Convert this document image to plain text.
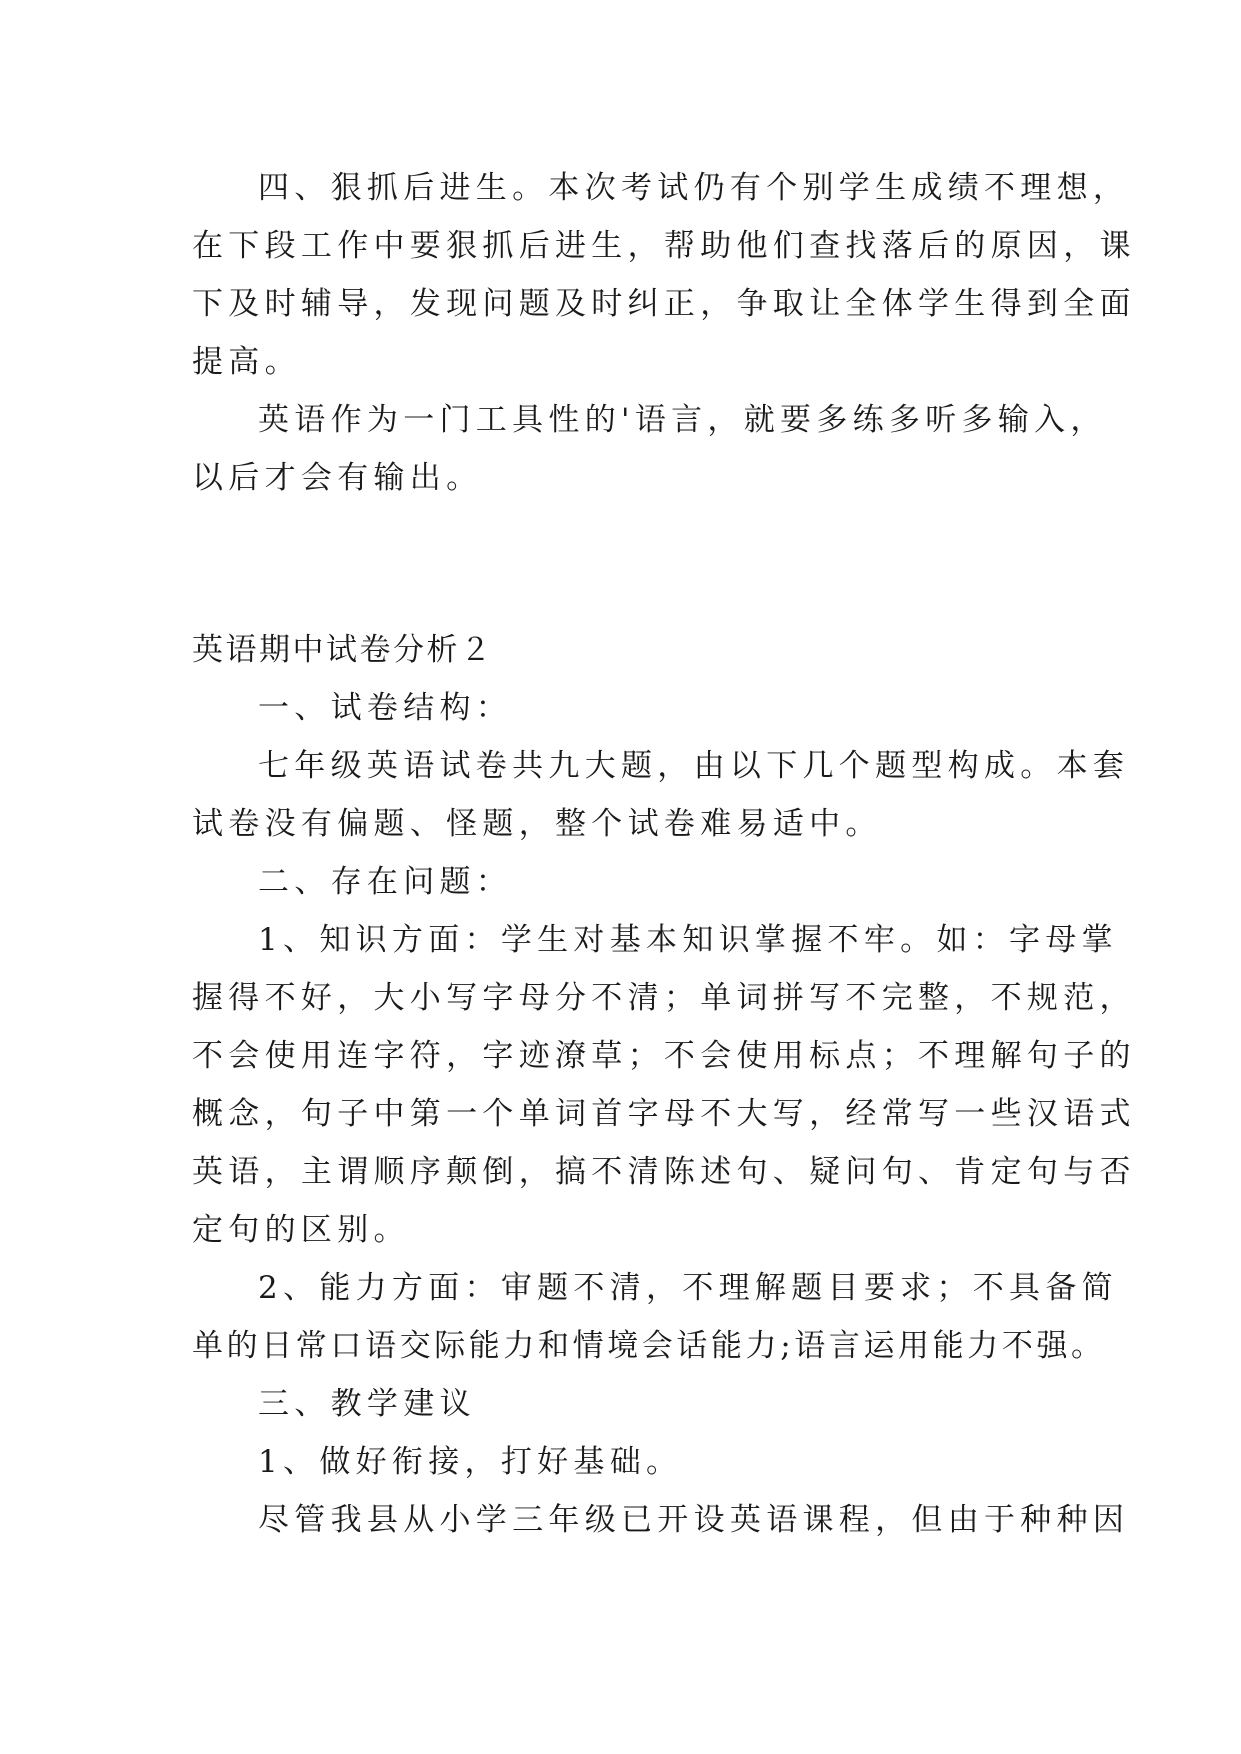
四、狠抓后进生。本次考试仍有个别学生成绩不理想，
在下段工作中要狠抓后进生，帮助他们查找落后的原因，课
下及时辅导，发现问题及时纠正，争取让全体学生得到全面
提高。
英语作为一门工具性的'语言，就要多练多听多输入，
以后才会有输出。
英语期中试卷分析２
一、试卷结构：
七年级英语试卷共九大题，由以下几个题型构成。本套
试卷没有偏题、怪题，整个试卷难易适中。
二、存在问题：
1、知识方面：学生对基本知识掌握不牢。如：字母掌
握得不好，大小写字母分不清；单词拼写不完整，不规范，
不会使用连字符，字迹潦草；不会使用标点；不理解句子的
概念，句子中第一个单词首字母不大写，经常写一些汉语式
英语，主谓顺序颠倒，搞不清陈述句、疑问句、肯定句与否
定句的区别。
2、能力方面：审题不清，不理解题目要求；不具备简
单的日常口语交际能力和情境会话能力;语言运用能力不强。
三、教学建议
1、做好衔接，打好基础。
尽管我县从小学三年级已开设英语课程，但由于种种因
